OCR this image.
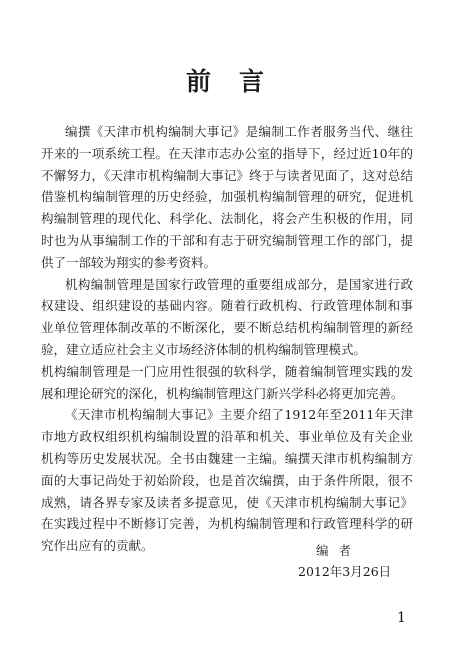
前言

编撰《天津市机构编制大事记》是编制工作者服务当代、继往开来的一项系统工程。在天津市志办公室的指导下，经过近10年的不懈努力，《天津市机构编制大事记》终于与读者见面了，这对总结借鉴机构编制管理的历史经验，加强机构编制管理的研究，促进机构编制管理的现代化、科学化、法制化，将会产生积极的作用，同时也为从事编制工作的干部和有志于研究编制管理工作的部门，提供了一部较为翔实的参考资料。

机构编制管理是国家行政管理的重要组成部分，是国家进行政权建设、组织建设的基础内容。随着行政机构、行政管理体制和事业单位管理体制改革的不断深化，要不断总结机构编制管理的新经验，建立适应社会主义市场经济体制的机构编制管理模式。

机构编制管理是一门应用性很强的软科学，随着编制管理实践的发展和理论研究的深化，机构编制管理这门新兴学科必将更加完善。

《天津市机构编制大事记》主要介绍了1912年至2011年天津市地方政权组织机构编制设置的沿革和机关、事业单位及有关企业机构等历史发展状况。全书由魏建一主编。编撰天津市机构编制方面的大事记尚处于初始阶段，也是首次编撰，由于条件所限，很不成熟，请各界专家及读者多提意见，使《天津市机构编制大事记》在实践过程中不断修订完善，为机构编制管理和行政管理科学的研究作出应有的贡献。	编者
2012年3月26日
1
